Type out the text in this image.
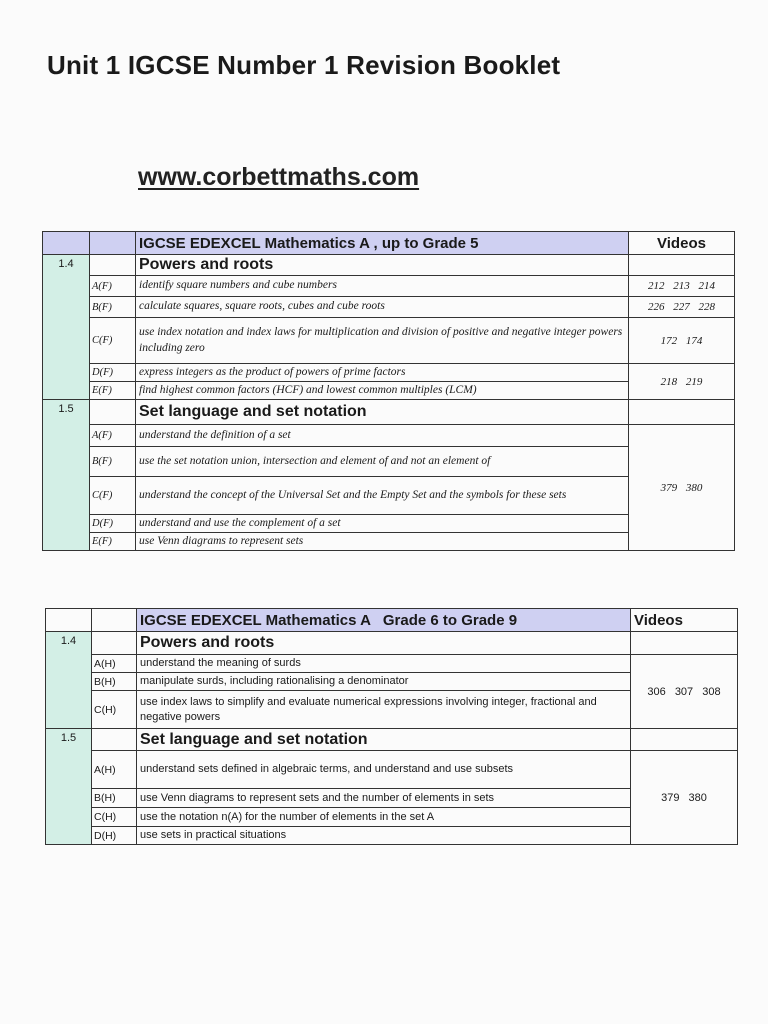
Unit 1 IGCSE Number 1 Revision Booklet
www.corbettmaths.com
		IGCSE EDEXCEL Mathematics A , up to Grade 5	Videos
1.4		Powers and roots	
	A(F)	identify square numbers and cube numbers	212 213 214
	B(F)	calculate squares, square roots, cubes and cube roots	226 227 228
	C(F)	use index notation and index laws for multiplication and division of positive and negative integer powers including zero	172 174
	D(F)	express integers as the product of powers of prime factors	218 219
	E(F)	find highest common factors (HCF) and lowest common multiples (LCM)	
1.5		Set language and set notation	
	A(F)	understand the definition of a set	379 380
	B(F)	use the set notation union, intersection and element of and not an element of	
	C(F)	understand the concept of the Universal Set and the Empty Set and the symbols for these sets	
	D(F)	understand and use the complement of a set	
	E(F)	use Venn diagrams to represent sets	
		IGCSE EDEXCEL Mathematics A   Grade 6 to Grade 9	Videos
1.4		Powers and roots	
	A(H)	understand the meaning of surds	306 307 308
	B(H)	manipulate surds, including rationalising a denominator	
	C(H)	use index laws to simplify and evaluate numerical expressions involving integer, fractional and negative powers	
1.5		Set language and set notation	
	A(H)	understand sets defined in algebraic terms, and understand and use subsets	379 380
	B(H)	use Venn diagrams to represent sets and the number of elements in sets	
	C(H)	use the notation n(A) for the number of elements in the set A	
	D(H)	use sets in practical situations	
